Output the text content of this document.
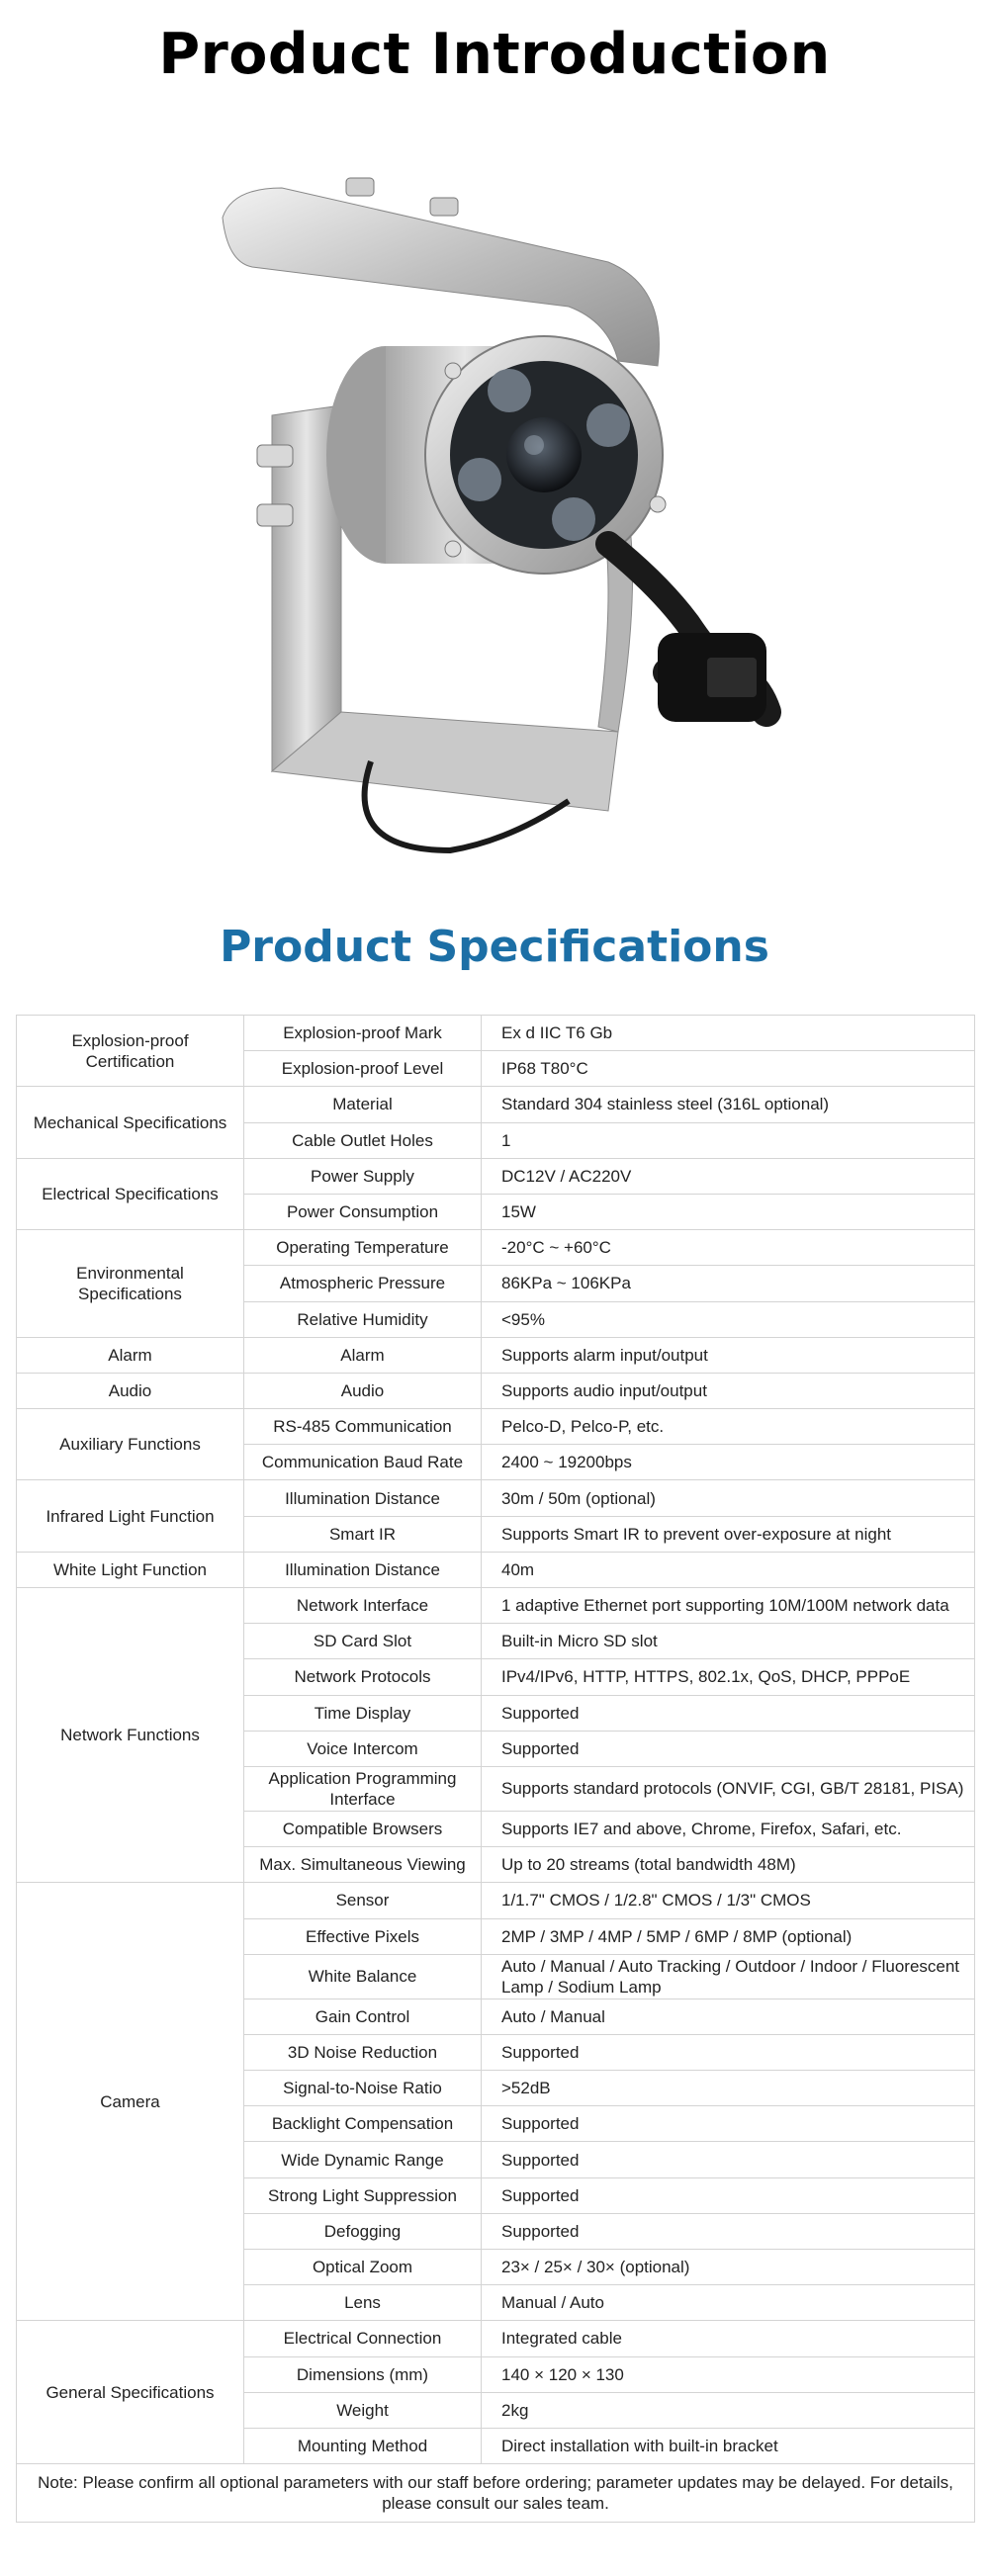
Product Introduction
Product Specifications
Explosion-proof Certification	Explosion-proof Mark	Ex d IIC T6 Gb
	Explosion-proof Level	IP68 T80°C
Mechanical Specifications	Material	Standard 304 stainless steel (316L optional)
	Cable Outlet Holes	1
Electrical Specifications	Power Supply	DC12V / AC220V
	Power Consumption	15W
Environmental Specifications	Operating Temperature	-20°C ~ +60°C
	Atmospheric Pressure	86KPa ~ 106KPa
	Relative Humidity	<95%
Alarm	Alarm	Supports alarm input/output
Audio	Audio	Supports audio input/output
Auxiliary Functions	RS-485 Communication	Pelco-D, Pelco-P, etc.
	Communication Baud Rate	2400 ~ 19200bps
Infrared Light Function	Illumination Distance	30m / 50m (optional)
	Smart IR	Supports Smart IR to prevent over-exposure at night
White Light Function	Illumination Distance	40m
Network Functions	Network Interface	1 adaptive Ethernet port supporting 10M/100M network data
	SD Card Slot	Built-in Micro SD slot
	Network Protocols	IPv4/IPv6, HTTP, HTTPS, 802.1x, QoS, DHCP, PPPoE
	Time Display	Supported
	Voice Intercom	Supported
	Application Programming Interface	Supports standard protocols (ONVIF, CGI, GB/T 28181, PISA)
	Compatible Browsers	Supports IE7 and above, Chrome, Firefox, Safari, etc.
	Max. Simultaneous Viewing	Up to 20 streams (total bandwidth 48M)
Camera	Sensor	1/1.7" CMOS / 1/2.8" CMOS / 1/3" CMOS
	Effective Pixels	2MP / 3MP / 4MP / 5MP / 6MP / 8MP (optional)
	White Balance	Auto / Manual / Auto Tracking / Outdoor / Indoor / Fluorescent Lamp / Sodium Lamp
	Gain Control	Auto / Manual
	3D Noise Reduction	Supported
	Signal-to-Noise Ratio	>52dB
	Backlight Compensation	Supported
	Wide Dynamic Range	Supported
	Strong Light Suppression	Supported
	Defogging	Supported
	Optical Zoom	23× / 25× / 30× (optional)
	Lens	Manual / Auto
General Specifications	Electrical Connection	Integrated cable
	Dimensions (mm)	140 × 120 × 130
	Weight	2kg
	Mounting Method	Direct installation with built-in bracket
Note: Please confirm all optional parameters with our staff before ordering; parameter updates may be delayed. For details, please consult our sales team.		
